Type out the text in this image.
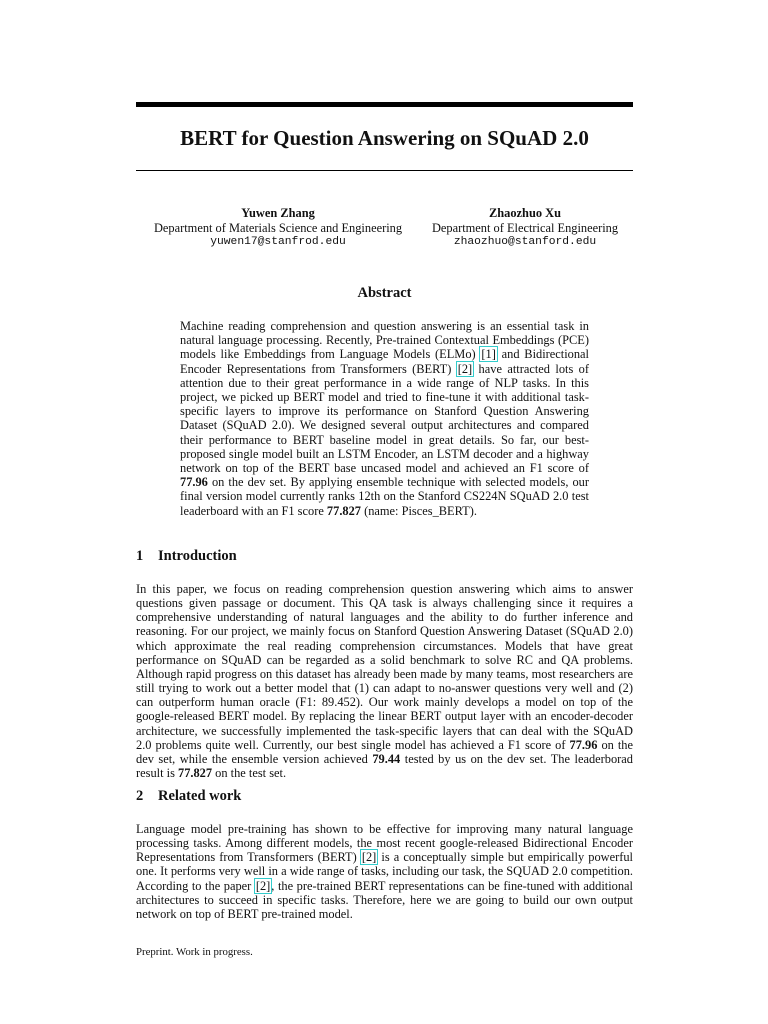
BERT for Question Answering on SQuAD 2.0
Yuwen Zhang
Department of Materials Science and Engineering
yuwen17@stanfrod.edu
Zhaozhuo Xu
Department of Electrical Engineering
zhaozhuo@stanford.edu
Abstract
Machine reading comprehension and question answering is an essential task in natural language processing. Recently, Pre-trained Contextual Embeddings (PCE) models like Embeddings from Language Models (ELMo) [1] and Bidirectional Encoder Representations from Transformers (BERT) [2] have attracted lots of attention due to their great performance in a wide range of NLP tasks. In this project, we picked up BERT model and tried to fine-tune it with additional task-specific layers to improve its performance on Stanford Question Answering Dataset (SQuAD 2.0). We designed several output architectures and compared their performance to BERT baseline model in great details. So far, our best-proposed single model built an LSTM Encoder, an LSTM decoder and a highway network on top of the BERT base uncased model and achieved an F1 score of 77.96 on the dev set. By applying ensemble technique with selected models, our final version model currently ranks 12th on the Stanford CS224N SQuAD 2.0 test leaderboard with an F1 score 77.827 (name: Pisces_BERT).
1 Introduction
In this paper, we focus on reading comprehension question answering which aims to answer questions given passage or document. This QA task is always challenging since it requires a comprehensive understanding of natural languages and the ability to do further inference and reasoning. For our project, we mainly focus on Stanford Question Answering Dataset (SQuAD 2.0) which approximate the real reading comprehension circumstances. Models that have great performance on SQuAD can be regarded as a solid benchmark to solve RC and QA problems. Although rapid progress on this dataset has already been made by many teams, most researchers are still trying to work out a better model that (1) can adapt to no-answer questions very well and (2) can outperform human oracle (F1: 89.452). Our work mainly develops a model on top of the google-released BERT model. By replacing the linear BERT output layer with an encoder-decoder architecture, we successfully implemented the task-specific layers that can deal with the SQuAD 2.0 problems quite well. Currently, our best single model has achieved a F1 score of 77.96 on the dev set, while the ensemble version achieved 79.44 tested by us on the dev set. The leaderborad result is 77.827 on the test set.
2 Related work
Language model pre-training has shown to be effective for improving many natural language processing tasks. Among different models, the most recent google-released Bidirectional Encoder Representations from Transformers (BERT) [2] is a conceptually simple but empirically powerful one. It performs very well in a wide range of tasks, including our task, the SQUAD 2.0 competition. According to the paper [2], the pre-trained BERT representations can be fine-tuned with additional architectures to succeed in specific tasks. Therefore, here we are going to build our own output network on top of BERT pre-trained model.
Preprint. Work in progress.
